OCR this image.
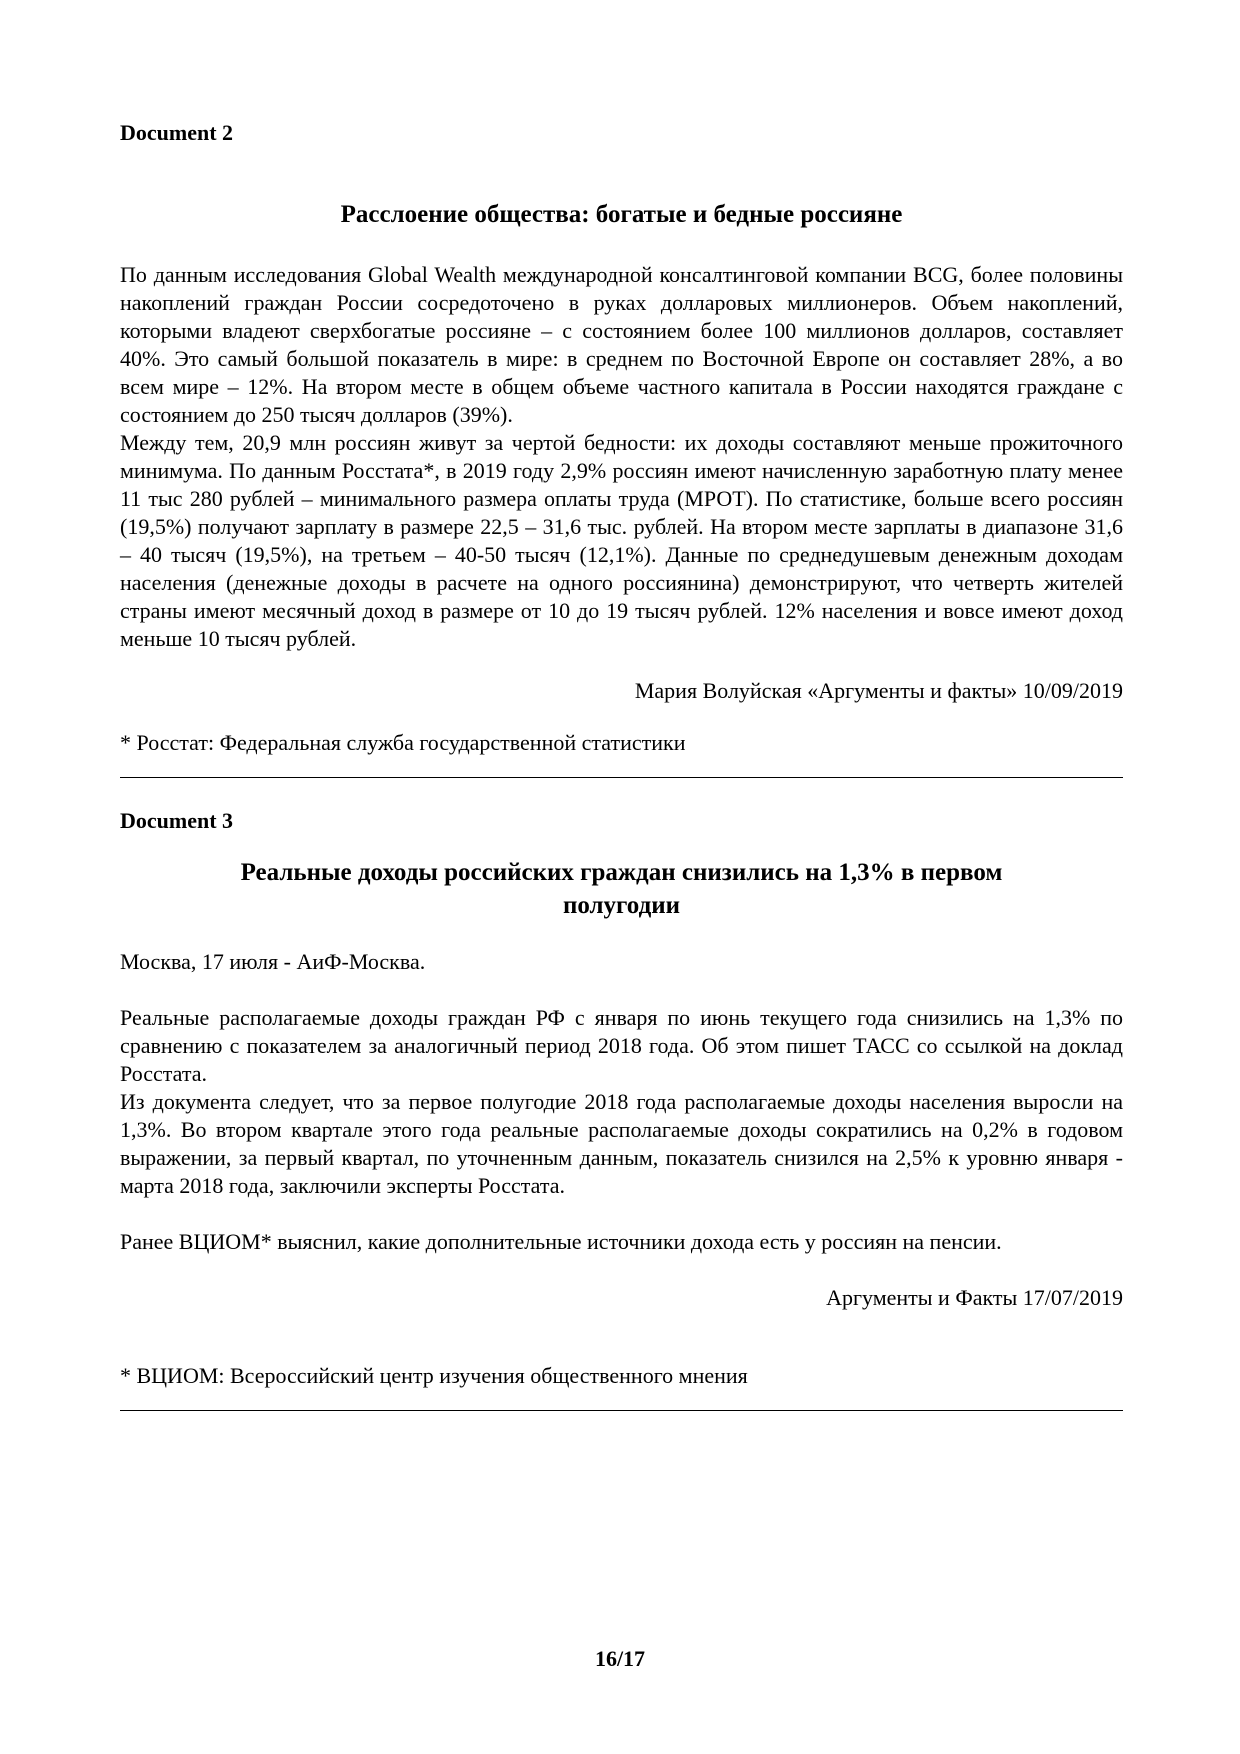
Document 2

Расслоение общества: богатые и бедные россияне

По данным исследования Global Wealth международной консалтинговой компании BCG, более половины накоплений граждан России сосредоточено в руках долларовых миллионеров. Объем накоплений, которыми владеют сверхбогатые россияне – с состоянием более 100 миллионов долларов, составляет 40%. Это самый большой показатель в мире: в среднем по Восточной Европе он составляет 28%, а во всем мире – 12%. На втором месте в общем объеме частного капитала в России находятся граждане с состоянием до 250 тысяч долларов (39%).

Между тем, 20,9 млн россиян живут за чертой бедности: их доходы составляют меньше прожиточного минимума. По данным Росстата*, в 2019 году 2,9% россиян имеют начисленную заработную плату менее 11 тыс 280 рублей – минимального размера оплаты труда (МРОТ). По статистике, больше всего россиян (19,5%) получают зарплату в размере 22,5 – 31,6 тыс. рублей. На втором месте зарплаты в диапазоне 31,6 – 40 тысяч (19,5%), на третьем – 40-50 тысяч (12,1%). Данные по среднедушевым денежным доходам населения (денежные доходы в расчете на одного россиянина) демонстрируют, что четверть жителей страны имеют месячный доход в размере от 10 до 19 тысяч рублей. 12% населения и вовсе имеют доход меньше 10 тысяч рублей.

Мария Волуйская «Аргументы и факты» 10/09/2019

* Росстат: Федеральная служба государственной статистики

Document 3

Реальные доходы российских граждан снизились на 1,3% в первом полугодии

Москва, 17 июля - АиФ-Москва.

Реальные располагаемые доходы граждан РФ с января по июнь текущего года снизились на 1,3% по сравнению с показателем за аналогичный период 2018 года. Об этом пишет ТАСС со ссылкой на доклад Росстата.

Из документа следует, что за первое полугодие 2018 года располагаемые доходы населения выросли на 1,3%. Во втором квартале этого года реальные располагаемые доходы сократились на 0,2% в годовом выражении, за первый квартал, по уточненным данным, показатель снизился на 2,5% к уровню января - марта 2018 года, заключили эксперты Росстата.

Ранее ВЦИОМ* выяснил, какие дополнительные источники дохода есть у россиян на пенсии.

Аргументы и Факты 17/07/2019

* ВЦИОМ: Всероссийский центр изучения общественного мнения

16/17
